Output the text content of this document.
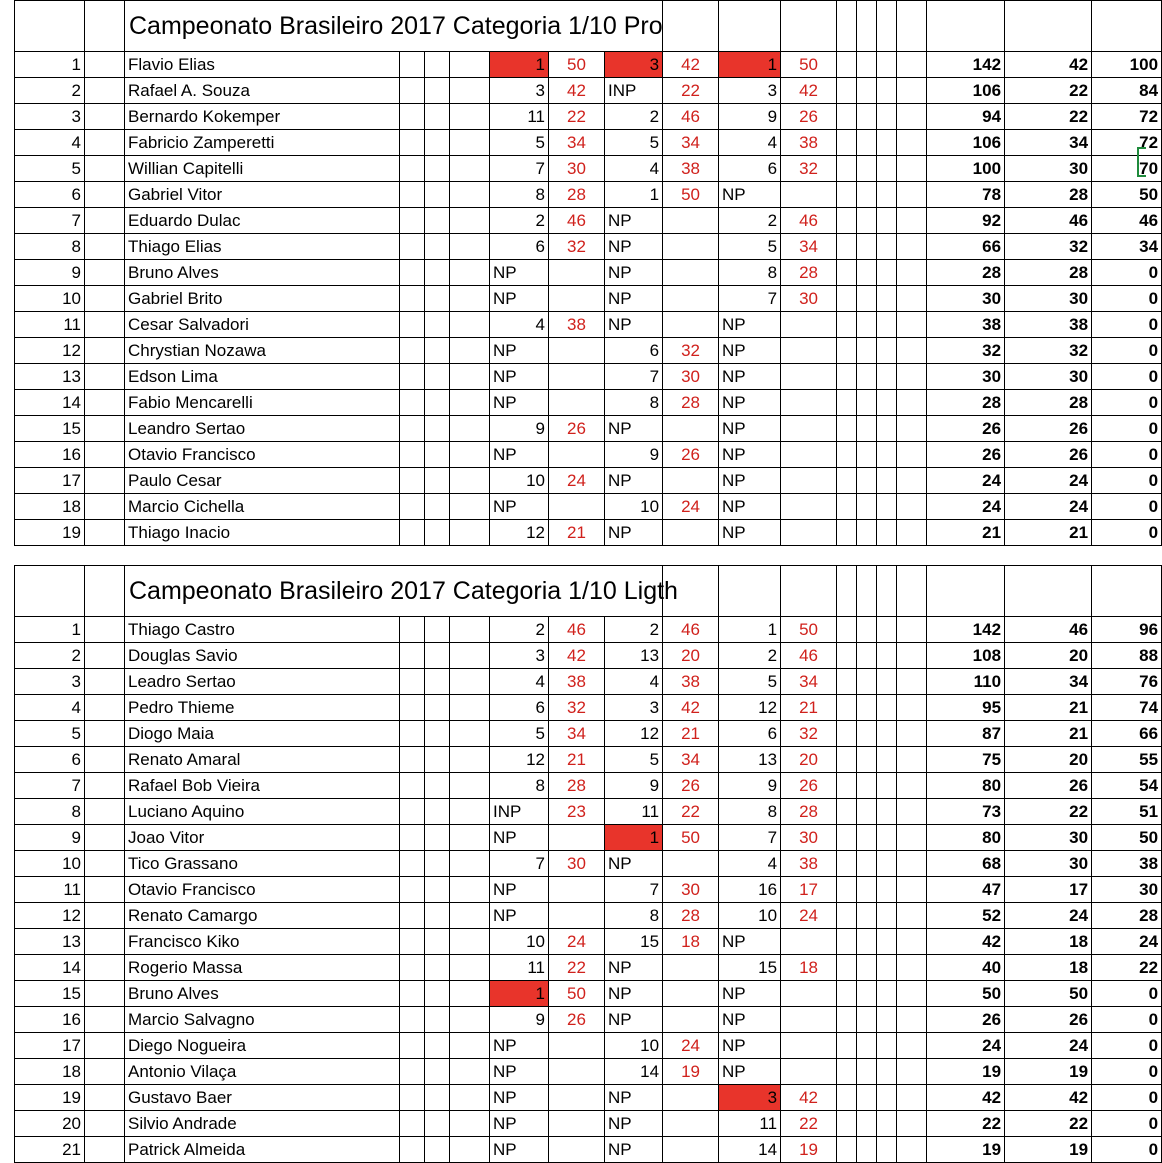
		Campeonato Brasileiro 2017 Categoria 1/10 Pro																
1		Flavio Elias				1	50	3	42	1	50					142	42	100
2		Rafael A. Souza				3	42	INP	22	3	42					106	22	84
3		Bernardo Kokemper				11	22	2	46	9	26					94	22	72
4		Fabricio Zamperetti				5	34	5	34	4	38					106	34	72
5		Willian Capitelli				7	30	4	38	6	32					100	30	70
6		Gabriel Vitor				8	28	1	50	NP						78	28	50
7		Eduardo Dulac				2	46	NP		2	46					92	46	46
8		Thiago Elias				6	32	NP		5	34					66	32	34
9		Bruno Alves				NP		NP		8	28					28	28	0
10		Gabriel Brito				NP		NP		7	30					30	30	0
11		Cesar Salvadori				4	38	NP		NP						38	38	0
12		Chrystian Nozawa				NP		6	32	NP						32	32	0
13		Edson Lima				NP		7	30	NP						30	30	0
14		Fabio Mencarelli				NP		8	28	NP						28	28	0
15		Leandro Sertao				9	26	NP		NP						26	26	0
16		Otavio Francisco				NP		9	26	NP						26	26	0
17		Paulo Cesar				10	24	NP		NP						24	24	0
18		Marcio Cichella				NP		10	24	NP						24	24	0
19		Thiago Inacio				12	21	NP		NP						21	21	0
		Campeonato Brasileiro 2017 Categoria 1/10 Ligth																
1		Thiago Castro				2	46	2	46	1	50					142	46	96
2		Douglas Savio				3	42	13	20	2	46					108	20	88
3		Leadro Sertao				4	38	4	38	5	34					110	34	76
4		Pedro Thieme				6	32	3	42	12	21					95	21	74
5		Diogo Maia				5	34	12	21	6	32					87	21	66
6		Renato Amaral				12	21	5	34	13	20					75	20	55
7		Rafael Bob Vieira				8	28	9	26	9	26					80	26	54
8		Luciano Aquino				INP	23	11	22	8	28					73	22	51
9		Joao Vitor				NP		1	50	7	30					80	30	50
10		Tico Grassano				7	30	NP		4	38					68	30	38
11		Otavio Francisco				NP		7	30	16	17					47	17	30
12		Renato Camargo				NP		8	28	10	24					52	24	28
13		Francisco Kiko				10	24	15	18	NP						42	18	24
14		Rogerio Massa				11	22	NP		15	18					40	18	22
15		Bruno Alves				1	50	NP		NP						50	50	0
16		Marcio Salvagno				9	26	NP		NP						26	26	0
17		Diego Nogueira				NP		10	24	NP						24	24	0
18		Antonio Vilaça				NP		14	19	NP						19	19	0
19		Gustavo Baer				NP		NP		3	42					42	42	0
20		Silvio Andrade				NP		NP		11	22					22	22	0
21		Patrick Almeida				NP		NP		14	19					19	19	0
